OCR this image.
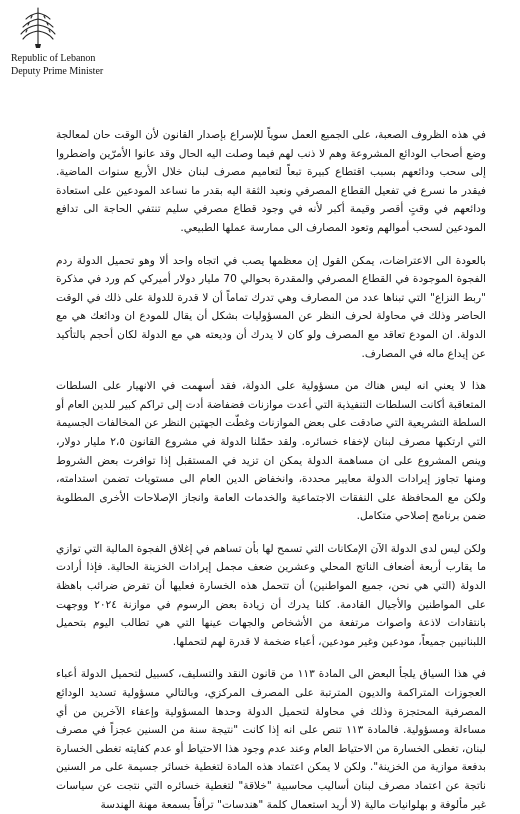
Republic of Lebanon
Deputy Prime Minister

في هذه الظروف الصعبة، على الجميع العمل سوياً للإسراع بإصدار القانون لأن الوقت حان لمعالجة وضع أصحاب الودائع المشروعة وهم لا ذنب لهم فيما وصلت اليه الحال وقد عانوا الأمرّين واضطروا إلى سحب ودائعهم بسبب اقتطاع كبيرة تبعاً لتعاميم مصرف لبنان خلال الأربع سنوات الماضية. فيقدر ما نسرع في تفعيل القطاع المصرفي ونعيد الثقة اليه بقدر ما نساعد المودعين على استعادة ودائعهم في وقتٍ أقصر وقيمة أكبر لأنه في وجود قطاع مصرفي سليم تنتفي الحاجة الى تدافع المودعين لسحب أموالهم وتعود المصارف الى ممارسة عملها الطبيعي.

بالعودة الى الاعتراضات، يمكن القول إن معظمها يصب في اتجاه واحد ألا وهو تحميل الدولة ردم الفجوة الموجودة في القطاع المصرفي والمقدرة بحوالي 70 مليار دولار أميركي كم ورد في مذكرة "ربط النزاع" التي تبناها عدد من المصارف وهي تدرك تماماً أن لا قدرة للدولة على ذلك في الوقت الحاضر وذلك في محاولة لحرف النظر عن المسؤوليات بشكل أن يقال للمودع ان ودائعك هي مع الدولة. ان المودع تعاقد مع المصرف ولو كان لا يدرك أن وديعته هي مع الدولة لكان أحجم بالتأكيد عن إيداع ماله في المصارف.

هذا لا يعني انه ليس هناك من مسؤولية على الدولة، فقد أسهمت في الانهيار على السلطات المتعاقبة أكانت السلطات التنفيذية التي أعدت موازنات فضفاضة أدت إلى تراكم كبير للدين العام أو السلطة التشريعية التي صادقت على بعض الموازنات وغطّت الجهتين النظر عن المخالفات الجسيمة التي ارتكبها مصرف لبنان لإخفاء خسائره. ولقد حمّلنا الدولة في مشروع القانون ٢،٥ مليار دولار، وينص المشروع على ان مساهمة الدولة يمكن ان تزيد في المستقبل إذا توافرت بعض الشروط ومنها تجاوز إيرادات الدولة معايير محددة، وانخفاض الدين العام الى مستويات تضمن استدامته، ولكن مع المحافظة على النفقات الاجتماعية والخدمات العامة وانجاز الإصلاحات الأخرى المطلوبة ضمن برنامج إصلاحي متكامل.

ولكن ليس لدى الدولة الآن الإمكانات التي تسمح لها بأن تساهم في إغلاق الفجوة المالية التي توازي ما يقارب أربعة أضعاف الناتج المحلي وعشرين ضعف مجمل إيرادات الخزينة الحالية. فإذا أرادت الدولة (التي هي نحن، جميع المواطنين) أن تتحمل هذه الخسارة فعليها أن تفرض ضرائب باهظة على المواطنين والأجيال القادمة. كلنا يدرك أن زيادة بعض الرسوم في موازنة ٢٠٢٤ ووجهت بانتقادات لاذعة واصوات مرتفعة من الأشخاص والجهات عينها التي هي تطالب اليوم بتحميل اللبنانيين جميعاً، مودعين وغير مودعين، أعباء ضخمة لا قدرة لهم لتحملها.

في هذا السياق يلجأ البعض الى المادة ١١٣ من قانون النقد والتسليف، كسبيل لتحميل الدولة أعباء العجوزات المتراكمة والديون المترتبة على المصرف المركزي، وبالتالي مسؤولية تسديد الودائع المصرفية المحتجزة وذلك في محاولة لتحميل الدولة وحدها المسؤولية وإعفاء الآخرين من أي مساءلة ومسؤولية. فالمادة ١١٣ تنص على انه إذا كانت "نتيجة سنة من السنين عجزاً في مصرف لبنان، تغطى الخسارة من الاحتياط العام وعند عدم وجود هذا الاحتياط أو عدم كفايته تغطى الخسارة بدفعة موازية من الخزينة". ولكن لا يمكن اعتماد هذه المادة لتغطية خسائر جسيمة على مر السنين ناتجة عن اعتماد مصرف لبنان أساليب محاسبية "خلاقة" لتغطية خسائره التي نتجت عن سياسات غير مألوفة و بهلوانيات مالية (لا أريد استعمال كلمة "هندسات" ترأفاً بسمعة مهنة الهندسة
